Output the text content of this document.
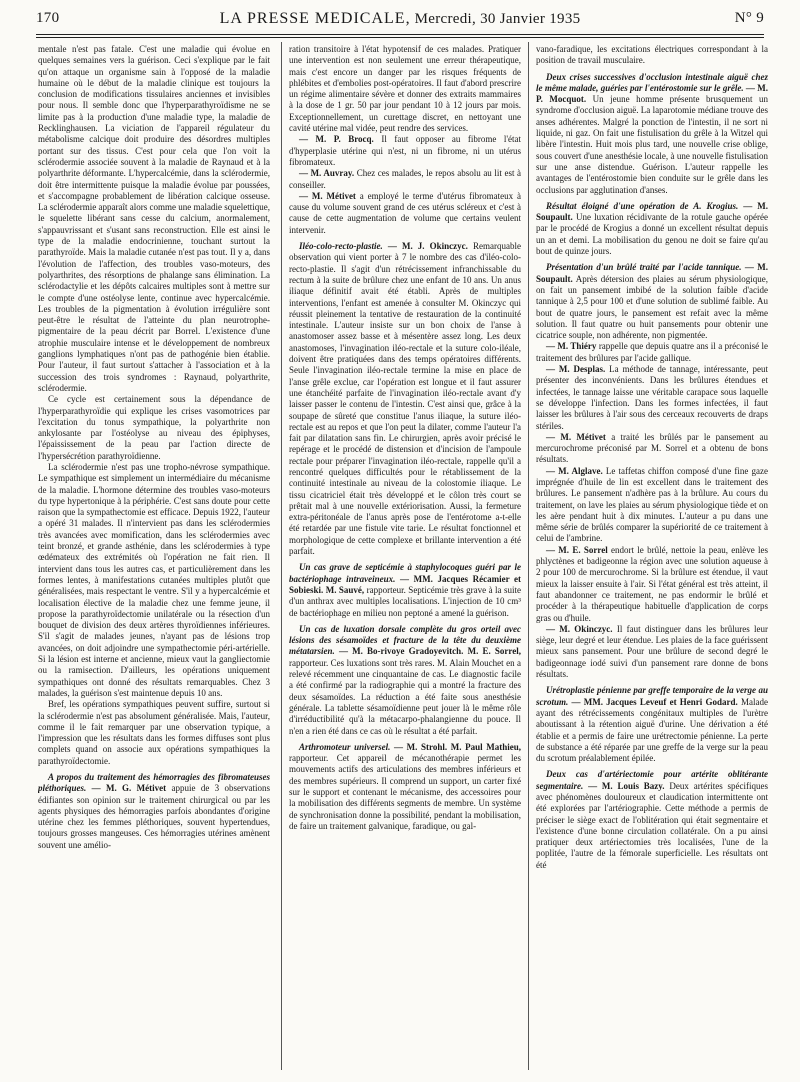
170	LA PRESSE MEDICALE, Mercredi, 30 Janvier 1935	N° 9

mentale n'est pas fatale. C'est une maladie qui évolue en quelques semaines vers la guérison. Ceci s'explique par le fait qu'on attaque un organisme sain à l'opposé de la maladie humaine où le début de la maladie clinique est toujours la conclusion de modifications tissulaires anciennes et invisibles pour nous. Il semble donc que l'hyperparathyroïdisme ne se limite pas à la production d'une maladie type, la maladie de Recklinghausen. La viciation de l'appareil régulateur du métabolisme calcique doit produire des désordres multiples portant sur des tissus. C'est pour cela que l'on voit la sclérodermie associée souvent à la maladie de Raynaud et à la polyarthrite déformante. L'hypercalcémie, dans la sclérodermie, doit être intermittente puisque la maladie évolue par poussées, et s'accompagne probablement de libération calcique osseuse. La sclérodermie apparaît alors comme une maladie squelettique, le squelette libérant sans cesse du calcium, anormalement, s'appauvrissant et s'usant sans reconstruction. Elle est ainsi le type de la maladie endocrinienne, touchant surtout la parathyroïde. Mais la maladie cutanée n'est pas tout. Il y a, dans l'évolution de l'affection, des troubles vaso-moteurs, des polyarthrites, des résorptions de phalange sans élimination. La sclérodactylie et les dépôts calcaires multiples sont à mettre sur le compte d'une ostéolyse lente, continue avec hypercalcémie. Les troubles de la pigmentation à évolution irrégulière sont peut-être le résultat de l'atteinte du plan neurotrophe-pigmentaire de la peau décrit par Borrel. L'existence d'une atrophie musculaire intense et le développement de nombreux ganglions lymphatiques n'ont pas de pathogénie bien établie. Pour l'auteur, il faut surtout s'attacher à l'association et à la succession des trois syndromes : Raynaud, polyarthrite, sclérodermie.

Ce cycle est certainement sous la dépendance de l'hyperparathyroïdie qui explique les crises vasomotrices par l'excitation du tonus sympathique, la polyarthrite non ankylosante par l'ostéolyse au niveau des épiphyses, l'épaississement de la peau par l'action directe de l'hypersécrétion parathyroïdienne.

La sclérodermie n'est pas une tropho-névrose sympathique. Le sympathique est simplement un intermédiaire du mécanisme de la maladie. L'hormone détermine des troubles vaso-moteurs du type hypertonique à la périphérie. C'est sans doute pour cette raison que la sympathectomie est efficace. Depuis 1922, l'auteur a opéré 31 malades. Il n'intervient pas dans les sclérodermies très avancées avec momification, dans les sclérodermies avec teint bronzé, et grande asthénie, dans les sclérodermies à type œdémateux des extrémités où l'opération ne fait rien. Il intervient dans tous les autres cas, et particulièrement dans les formes lentes, à manifestations cutanées multiples plutôt que généralisées, mais respectant le ventre. S'il y a hypercalcémie et localisation élective de la maladie chez une femme jeune, il propose la parathyroïdectomie unilatérale ou la résection d'un bouquet de division des deux artères thyroïdiennes inférieures. S'il s'agit de malades jeunes, n'ayant pas de lésions trop avancées, on doit adjoindre une sympathectomie péri-artérielle. Si la lésion est interne et ancienne, mieux vaut la gangliectomie ou la ramisection. D'ailleurs, les opérations uniquement sympathiques ont donné des résultats remarquables. Chez 3 malades, la guérison s'est maintenue depuis 10 ans.

Bref, les opérations sympathiques peuvent suffire, surtout si la sclérodermie n'est pas absolument généralisée. Mais, l'auteur, comme il le fait remarquer par une observation typique, a l'impression que les résultats dans les formes diffuses sont plus complets quand on associe aux opérations sympathiques la parathyroïdectomie.

A propos du traitement des hémorragies des fibromateuses pléthoriques. — M. G. Métivet appuie de 3 observations édifiantes son opinion sur le traitement chirurgical ou par les agents physiques des hémorragies parfois abondantes d'origine utérine chez les femmes pléthoriques, souvent hypertendues, toujours grosses mangeuses. Ces hémorragies utérines amènent souvent une amélio-

ration transitoire à l'état hypotensif de ces malades. Pratiquer une intervention est non seulement une erreur thérapeutique, mais c'est encore un danger par les risques fréquents de phlébites et d'embolies post-opératoires. Il faut d'abord prescrire un régime alimentaire sévère et donner des extraits mammaires à la dose de 1 gr. 50 par jour pendant 10 à 12 jours par mois. Exceptionnellement, un curettage discret, en nettoyant une cavité utérine mal vidée, peut rendre des services.

— M. P. Brocq. Il faut opposer au fibrome l'état d'hyperplasie utérine qui n'est, ni un fibrome, ni un utérus fibromateux.

— M. Auvray. Chez ces malades, le repos absolu au lit est à conseiller.

— M. Métivet a employé le terme d'utérus fibromateux à cause du volume souvent grand de ces utérus scléreux et c'est à cause de cette augmentation de volume que certains veulent intervenir.

Iléo-colo-recto-plastie. — M. J. Okinczyc. Remarquable observation qui vient porter à 7 le nombre des cas d'iléo-colo-recto-plastie. Il s'agit d'un rétrécissement infranchissable du rectum à la suite de brûlure chez une enfant de 10 ans. Un anus iliaque définitif avait été établi. Après de multiples interventions, l'enfant est amenée à consulter M. Okinczyc qui réussit pleinement la tentative de restauration de la continuité intestinale. L'auteur insiste sur un bon choix de l'anse à anastomoser assez basse et à mésentère assez long. Les deux anastomoses, l'invagination iléo-rectale et la suture colo-iléale, doivent être pratiquées dans des temps opératoires différents. Seule l'invagination iléo-rectale termine la mise en place de l'anse grêle exclue, car l'opération est longue et il faut assurer une étanchéité parfaite de l'invagination iléo-rectale avant d'y laisser passer le contenu de l'intestin. C'est ainsi que, grâce à la soupape de sûreté que constitue l'anus iliaque, la suture iléo-rectale est au repos et que l'on peut la dilater, comme l'auteur l'a fait par dilatation sans fin. Le chirurgien, après avoir précisé le repérage et le procédé de distension et d'incision de l'ampoule rectale pour préparer l'invagination iléo-rectale, rappelle qu'il a rencontré quelques difficultés pour le rétablissement de la continuité intestinale au niveau de la colostomie iliaque. Le tissu cicatriciel était très développé et le côlon très court se prêtait mal à une nouvelle extériorisation. Aussi, la fermeture extra-péritonéale de l'anus après pose de l'entérotome a-t-elle été retardée par une fistule vite tarie. Le résultat fonctionnel et morphologique de cette complexe et brillante intervention a été parfait.

Un cas grave de septicémie à staphylocoques guéri par le bactériophage intraveineux. — MM. Jacques Récamier et Sobieski. M. Sauvé, rapporteur. Septicémie très grave à la suite d'un anthrax avec multiples localisations. L'injection de 10 cm³ de bactériophage en milieu non peptoné a amené la guérison.

Un cas de luxation dorsale complète du gros orteil avec lésions des sésamoïdes et fracture de la tête du deuxième métatarsien. — M. Bo-rivoye Gradoyevitch. M. E. Sorrel, rapporteur. Ces luxations sont très rares. M. Alain Mouchet en a relevé récemment une cinquantaine de cas. Le diagnostic facile a été confirmé par la radiographie qui a montré la fracture des deux sésamoïdes. La réduction a été faite sous anesthésie générale. La tablette sésamoïdienne peut jouer là le même rôle d'irréductibilité qu'à la métacarpo-phalangienne du pouce. Il n'en a rien été dans ce cas où le résultat a été parfait.

Arthromoteur universel. — M. Strohl. M. Paul Mathieu, rapporteur. Cet appareil de mécanothérapie permet les mouvements actifs des articulations des membres inférieurs et des membres supérieurs. Il comprend un support, un carter fixé sur le support et contenant le mécanisme, des accessoires pour la mobilisation des différents segments de membre. Un système de synchronisation donne la possibilité, pendant la mobilisation, de faire un traitement galvanique, faradique, ou gal-

vano-faradique, les excitations électriques correspondant à la position de travail musculaire.

Deux crises successives d'occlusion intestinale aiguë chez le même malade, guéries par l'entérostomie sur le grêle. — M. P. Mocquot. Un jeune homme présente brusquement un syndrome d'occlusion aiguë. La laparotomie médiane trouve des anses adhérentes. Malgré la ponction de l'intestin, il ne sort ni liquide, ni gaz. On fait une fistulisation du grêle à la Witzel qui libère l'intestin. Huit mois plus tard, une nouvelle crise oblige, sous couvert d'une anesthésie locale, à une nouvelle fistulisation sur une anse distendue. Guérison. L'auteur rappelle les avantages de l'entérostomie bien conduite sur le grêle dans les occlusions par agglutination d'anses.

Résultat éloigné d'une opération de A. Krogius. — M. Soupault. Une luxation récidivante de la rotule gauche opérée par le procédé de Krogius a donné un excellent résultat depuis un an et demi. La mobilisation du genou ne doit se faire qu'au bout de quinze jours.

Présentation d'un brûlé traité par l'acide tannique. — M. Soupault. Après détersion des plaies au sérum physiologique, on fait un pansement imbibé de la solution faible d'acide tannique à 2,5 pour 100 et d'une solution de sublimé faible. Au bout de quatre jours, le pansement est refait avec la même solution. Il faut quatre ou huit pansements pour obtenir une cicatrice souple, non adhérente, non pigmentée.

— M. Thiéry rappelle que depuis quatre ans il a préconisé le traitement des brûlures par l'acide gallique.

— M. Desplas. La méthode de tannage, intéressante, peut présenter des inconvénients. Dans les brûlures étendues et infectées, le tannage laisse une véritable carapace sous laquelle se développe l'infection. Dans les formes infectées, il faut laisser les brûlures à l'air sous des cerceaux recouverts de draps stériles.

— M. Métivet a traité les brûlés par le pansement au mercurochrome préconisé par M. Sorrel et a obtenu de bons résultats.

— M. Alglave. Le taffetas chiffon composé d'une fine gaze imprégnée d'huile de lin est excellent dans le traitement des brûlures. Le pansement n'adhère pas à la brûlure. Au cours du traitement, on lave les plaies au sérum physiologique tiède et on les aère pendant huit à dix minutes. L'auteur a pu dans une même série de brûlés comparer la supériorité de ce traitement à celui de l'ambrine.

— M. E. Sorrel endort le brûlé, nettoie la peau, enlève les phlyctènes et badigeonne la région avec une solution aqueuse à 2 pour 100 de mercurochrome. Si la brûlure est étendue, il vaut mieux la laisser ensuite à l'air. Si l'état général est très atteint, il faut abandonner ce traitement, ne pas endormir le brûlé et procéder à la thérapeutique habituelle d'application de corps gras ou d'huile.

— M. Okinczyc. Il faut distinguer dans les brûlures leur siège, leur degré et leur étendue. Les plaies de la face guérissent mieux sans pansement. Pour une brûlure de second degré le badigeonnage iodé suivi d'un pansement rare donne de bons résultats.

Urétroplastie pénienne par greffe temporaire de la verge au scrotum. — MM. Jacques Leveuf et Henri Godard. Malade ayant des rétrécissements congénitaux multiples de l'urètre aboutissant à la rétention aiguë d'urine. Une dérivation a été établie et a permis de faire une urétrectomie pénienne. La perte de substance a été réparée par une greffe de la verge sur la peau du scrotum préalablement épilée.

Deux cas d'artériectomie pour artérite oblitérante segmentaire. — M. Louis Bazy. Deux artérites spécifiques avec phénomènes douloureux et claudication intermittente ont été explorées par l'artériographie. Cette méthode a permis de préciser le siège exact de l'oblitération qui était segmentaire et l'existence d'une bonne circulation collatérale. On a pu ainsi pratiquer deux artériectomies très localisées, l'une de la poplitée, l'autre de la fémorale superficielle. Les résultats ont été
